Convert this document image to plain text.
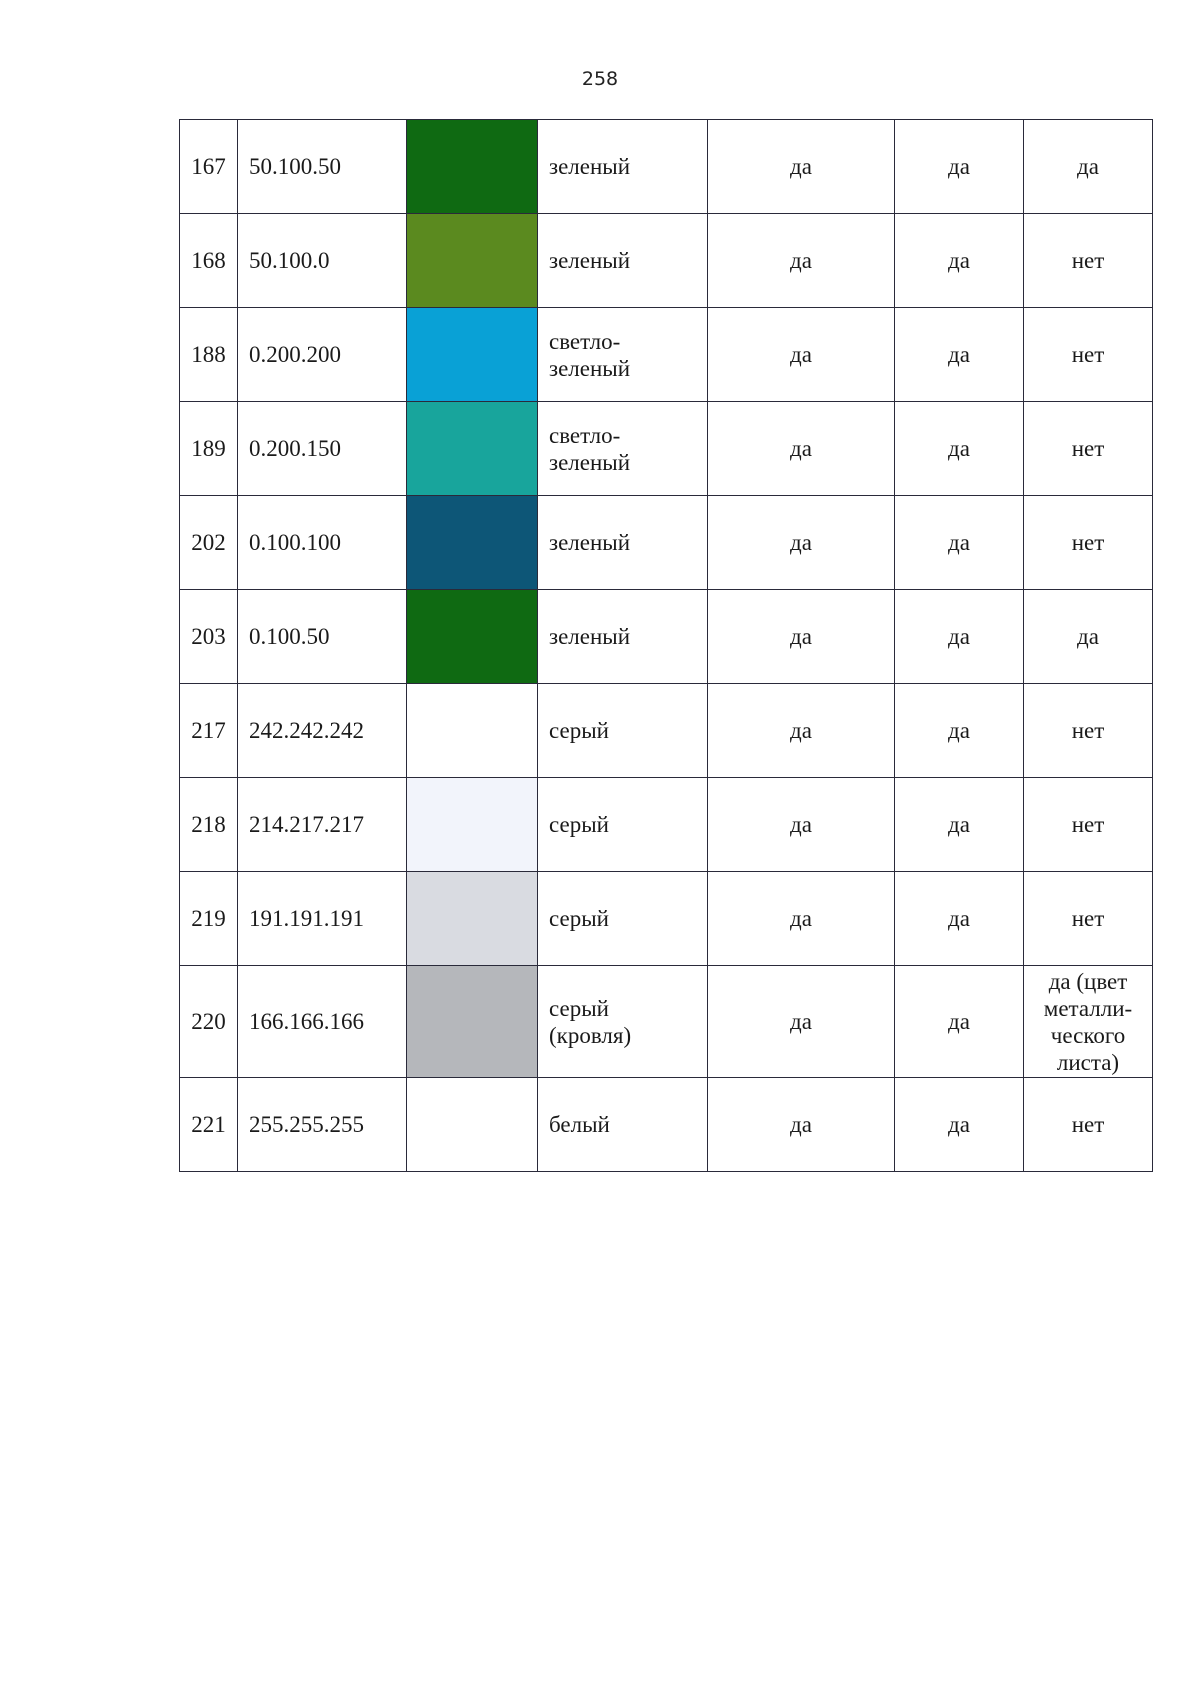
258
167	50.100.50		зеленый	да	да	да
168	50.100.0		зеленый	да	да	нет
188	0.200.200		светло-
зеленый	да	да	нет
189	0.200.150		светло-
зеленый	да	да	нет
202	0.100.100		зеленый	да	да	нет
203	0.100.50		зеленый	да	да	да
217	242.242.242		серый	да	да	нет
218	214.217.217		серый	да	да	нет
219	191.191.191		серый	да	да	нет
220	166.166.166		серый
(кровля)	да	да	да (цвет
металли-
ческого
листа)
221	255.255.255		белый	да	да	нет
